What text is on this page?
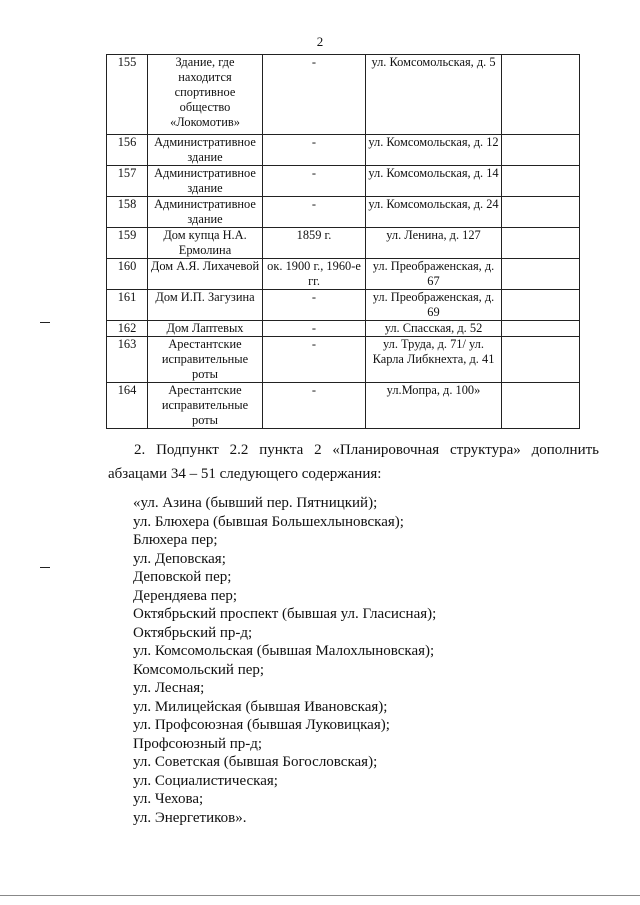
2
155	Здание, где находится спортивное общество «Локомотив»	-	ул. Комсомольская, д. 5	
156	Административное здание	-	ул. Комсомольская, д. 12	
157	Административное здание	-	ул. Комсомольская, д. 14	
158	Административное здание	-	ул. Комсомольская, д. 24	
159	Дом купца Н.А. Ермолина	1859 г.	ул. Ленина, д. 127	
160	Дом А.Я. Лихачевой	ок. 1900 г., 1960-е гг.	ул. Преображенская, д. 67	
161	Дом И.П. Загузина	-	ул. Преображенская, д. 69	
162	Дом Лаптевых	-	ул. Спасская, д. 52	
163	Арестантские исправительные роты	-	ул. Труда, д. 71/ ул. Карла Либкнехта, д. 41	
164	Арестантские исправительные роты	-	ул.Мопра, д. 100»	
2. Подпункт 2.2 пункта 2 «Планировочная структура» дополнить
абзацами 34 – 51 следующего содержания:
«ул. Азина (бывший пер. Пятницкий);
ул. Блюхера (бывшая Большехлыновская);
Блюхера пер;
ул. Деповская;
Деповской пер;
Дерендяева пер;
Октябрьский проспект (бывшая ул. Гласисная);
Октябрьский пр-д;
ул. Комсомольская (бывшая Малохлыновская);
Комсомольский пер;
ул. Лесная;
ул. Милицейская (бывшая Ивановская);
ул. Профсоюзная (бывшая Луковицкая);
Профсоюзный пр-д;
ул. Советская (бывшая Богословская);
ул. Социалистическая;
ул. Чехова;
ул. Энергетиков».
